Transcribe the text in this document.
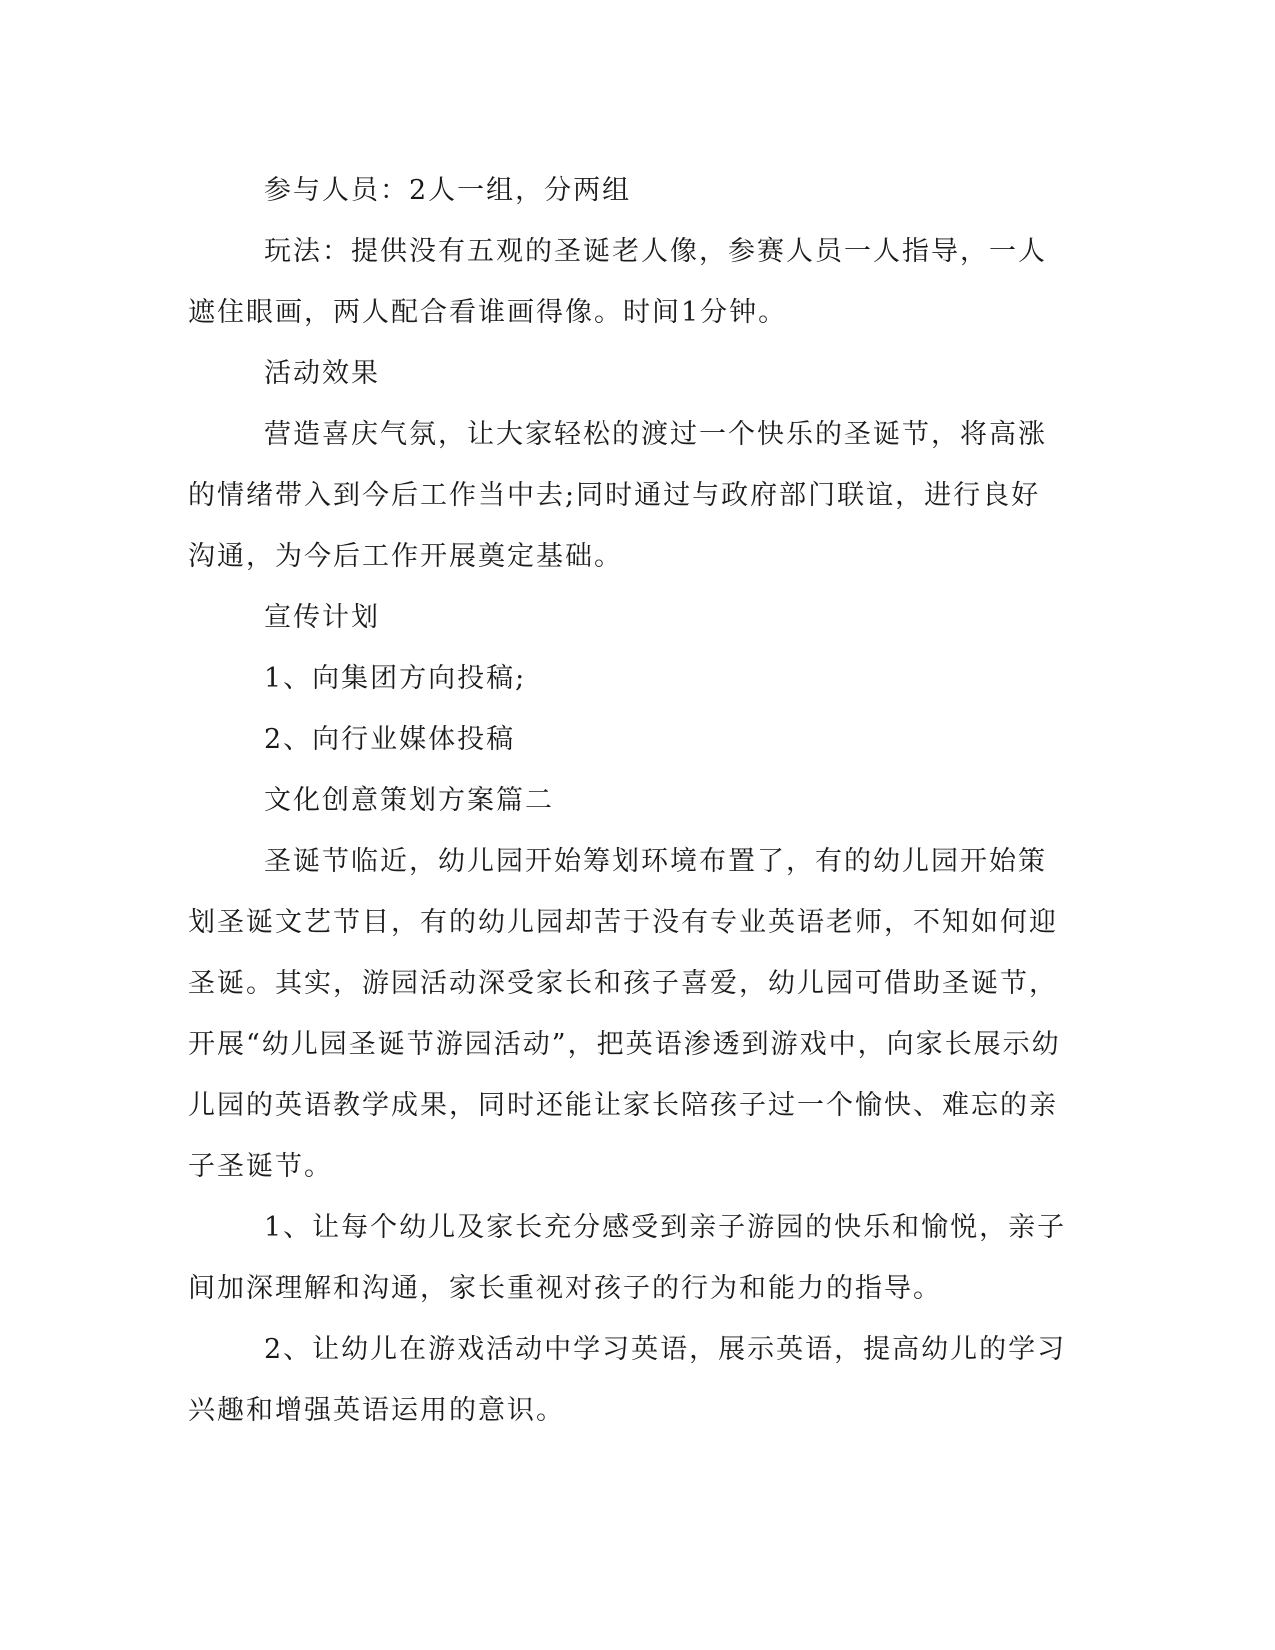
参与人员：2人一组，分两组

玩法：提供没有五观的圣诞老人像，参赛人员一人指导，一人遮住眼画，两人配合看谁画得像。时间1分钟。

活动效果

营造喜庆气氛，让大家轻松的渡过一个快乐的圣诞节，将高涨的情绪带入到今后工作当中去;同时通过与政府部门联谊，进行良好沟通，为今后工作开展奠定基础。

宣传计划

1、向集团方向投稿;

2、向行业媒体投稿

文化创意策划方案篇二

圣诞节临近，幼儿园开始筹划环境布置了，有的幼儿园开始策划圣诞文艺节目，有的幼儿园却苦于没有专业英语老师，不知如何迎圣诞。其实，游园活动深受家长和孩子喜爱，幼儿园可借助圣诞节，开展“幼儿园圣诞节游园活动”，把英语渗透到游戏中，向家长展示幼儿园的英语教学成果，同时还能让家长陪孩子过一个愉快、难忘的亲子圣诞节。

1、让每个幼儿及家长充分感受到亲子游园的快乐和愉悦，亲子间加深理解和沟通，家长重视对孩子的行为和能力的指导。

2、让幼儿在游戏活动中学习英语，展示英语，提高幼儿的学习兴趣和增强英语运用的意识。
